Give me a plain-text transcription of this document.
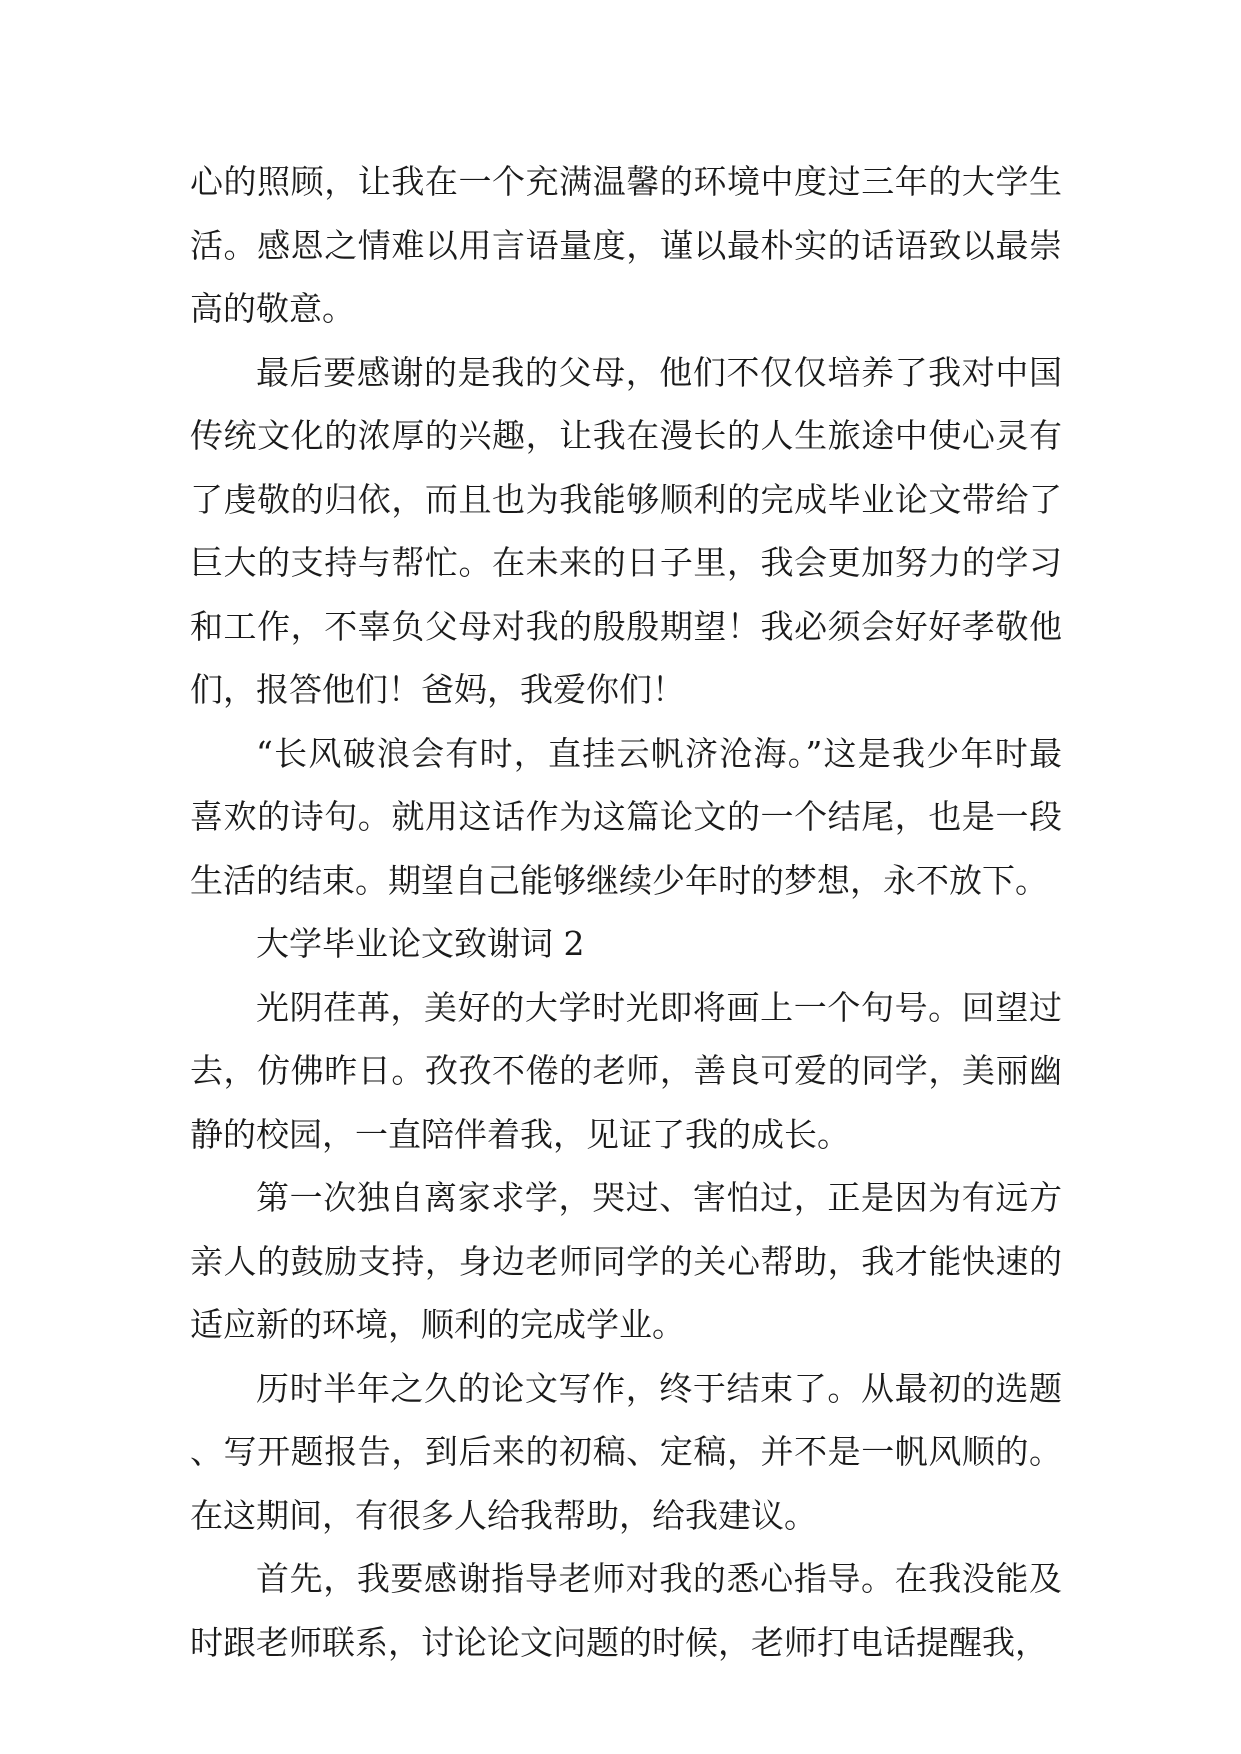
心的照顾，让我在一个充满温馨的环境中度过三年的大学生活。感恩之情难以用言语量度，谨以最朴实的话语致以最崇高的敬意。

最后要感谢的是我的父母，他们不仅仅培养了我对中国传统文化的浓厚的兴趣，让我在漫长的人生旅途中使心灵有了虔敬的归依，而且也为我能够顺利的完成毕业论文带给了巨大的支持与帮忙。在未来的日子里，我会更加努力的学习和工作，不辜负父母对我的殷殷期望！我必须会好好孝敬他们，报答他们！爸妈，我爱你们！

“长风破浪会有时，直挂云帆济沧海。”这是我少年时最喜欢的诗句。就用这话作为这篇论文的一个结尾，也是一段生活的结束。期望自己能够继续少年时的梦想，永不放下。

大学毕业论文致谢词 2

光阴荏苒，美好的大学时光即将画上一个句号。回望过去，仿佛昨日。孜孜不倦的老师，善良可爱的同学，美丽幽静的校园，一直陪伴着我，见证了我的成长。

第一次独自离家求学，哭过、害怕过，正是因为有远方亲人的鼓励支持，身边老师同学的关心帮助，我才能快速的适应新的环境，顺利的完成学业。

历时半年之久的论文写作，终于结束了。从最初的选题、写开题报告，到后来的初稿、定稿，并不是一帆风顺的。在这期间，有很多人给我帮助，给我建议。

首先，我要感谢指导老师对我的悉心指导。在我没能及时跟老师联系，讨论论文问题的时候，老师打电话提醒我，
